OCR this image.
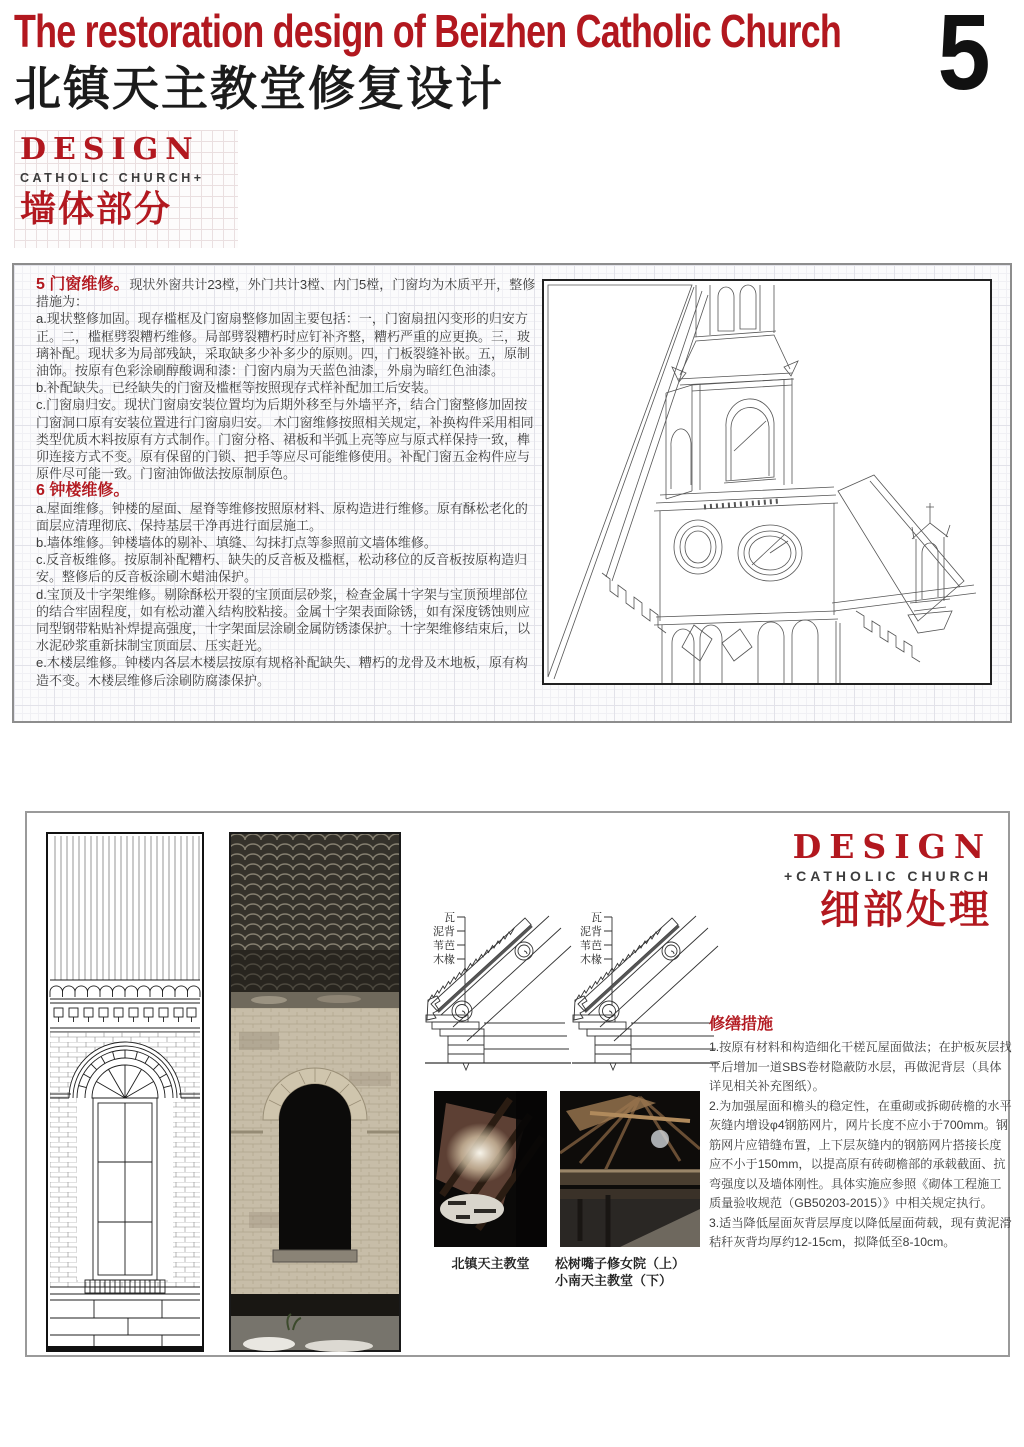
The restoration design of Beizhen Catholic Church
北镇天主教堂修复设计	5
DESIGN
CATHOLIC CHURCH+
墙体部分

5 门窗维修。现状外窗共计23樘，外门共计3樘、内门5樘，门窗均为木质平开，整修措施为：

a.现状整修加固。现存槛框及门窗扇整修加固主要包括：一，门窗扇扭闪变形的归安方正。二，槛框劈裂糟朽维修。局部劈裂糟朽时应钉补齐整，糟朽严重的应更换。三，玻璃补配。现状多为局部残缺，采取缺多少补多少的原则。四，门板裂缝补嵌。五，原制油饰。按原有色彩涂刷醇酸调和漆：门窗内扇为天蓝色油漆，外扇为暗红色油漆。

b.补配缺失。已经缺失的门窗及槛框等按照现存式样补配加工后安装。

c.门窗扇归安。现状门窗扇安装位置均为后期外移至与外墙平齐，结合门窗整修加固按门窗洞口原有安装位置进行门窗扇归安。 木门窗维修按照相关规定，补换构件采用相同类型优质木料按原有方式制作。门窗分格、裙板和半弧上亮等应与原式样保持一致，榫卯连接方式不变。原有保留的门锁、把手等应尽可能维修使用。补配门窗五金构件应与原件尽可能一致。门窗油饰做法按原制原色。

6 钟楼维修。

a.屋面维修。钟楼的屋面、屋脊等维修按照原材料、原构造进行维修。原有酥松老化的面层应清理彻底、保持基层干净再进行面层施工。

b.墙体维修。钟楼墙体的剔补、填缝、勾抹打点等参照前文墙体维修。

c.反音板维修。按原制补配糟朽、缺失的反音板及槛框，松动移位的反音板按原构造归安。整修后的反音板涂刷木蜡油保护。

d.宝顶及十字架维修。剔除酥松开裂的宝顶面层砂浆，检查金属十字架与宝顶预埋部位的结合牢固程度，如有松动灌入结构胶粘接。金属十字架表面除锈，如有深度锈蚀则应同型钢带粘贴补焊提高强度，十字架面层涂刷金属防锈漆保护。十字架维修结束后，以水泥砂浆重新抹制宝顶面层、压实赶光。

e.木楼层维修。钟楼内各层木楼层按原有规格补配缺失、糟朽的龙骨及木地板，原有构造不变。木楼层维修后涂刷防腐漆保护。

瓦
泥背
苇芭
木椽
瓦
泥背
苇芭
木椽
北镇天主教堂	松树嘴子修女院（上）
小南天主教堂（下）
DESIGN
+CATHOLIC CHURCH
细部处理
修缮措施

1.按原有材料和构造细化干槎瓦屋面做法；在护板灰层找平后增加一道SBS卷材隐蔽防水层，再做泥背层（具体详见相关补充图纸）。

2.为加强屋面和檐头的稳定性，在重砌或拆砌砖檐的水平灰缝内增设φ4钢筋网片，网片长度不应小于700mm。钢筋网片应错缝布置，上下层灰缝内的钢筋网片搭接长度应不小于150mm，以提高原有砖砌檐部的承载截面、抗弯强度以及墙体刚性。具体实施应参照《砌体工程施工质量验收规范（GB50203-2015）》中相关规定执行。

3.适当降低屋面灰背层厚度以降低屋面荷载，现有黄泥滑秸秆灰背均厚约12-15cm，拟降低至8-10cm。
